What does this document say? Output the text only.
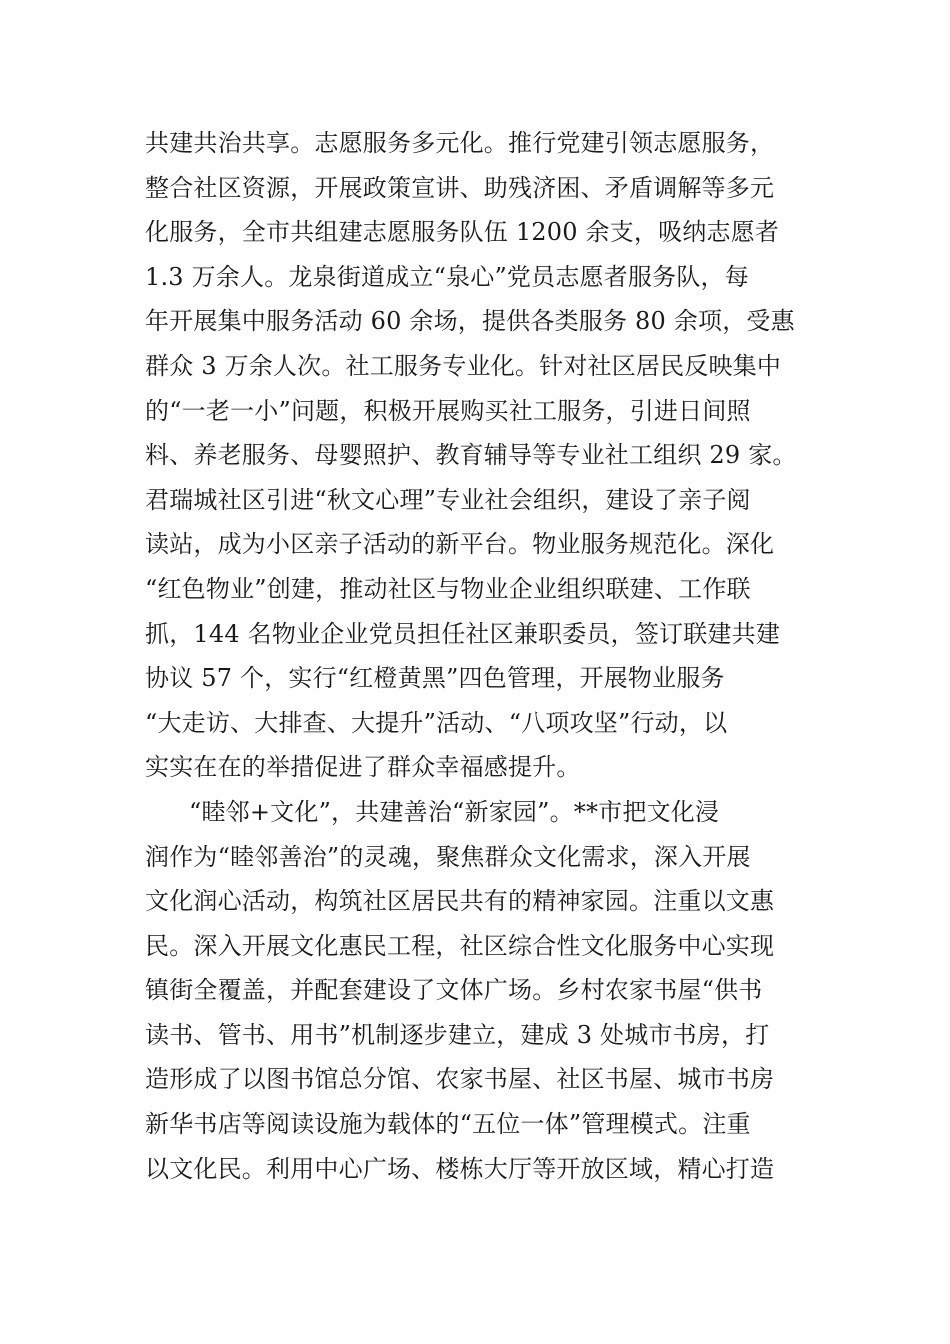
共建共治共享。志愿服务多元化。推行党建引领志愿服务，
整合社区资源，开展政策宣讲、助残济困、矛盾调解等多元
化服务，全市共组建志愿服务队伍 1200 余支，吸纳志愿者
1.3 万余人。龙泉街道成立“泉心”党员志愿者服务队，每
年开展集中服务活动 60 余场，提供各类服务 80 余项，受惠
群众 3 万余人次。社工服务专业化。针对社区居民反映集中
的“一老一小”问题，积极开展购买社工服务，引进日间照
料、养老服务、母婴照护、教育辅导等专业社工组织 29 家。
君瑞城社区引进“秋文心理”专业社会组织，建设了亲子阅
读站，成为小区亲子活动的新平台。物业服务规范化。深化
“红色物业”创建，推动社区与物业企业组织联建、工作联
抓，144 名物业企业党员担任社区兼职委员，签订联建共建
协议 57 个，实行“红橙黄黑”四色管理，开展物业服务
“大走访、大排查、大提升”活动、“八项攻坚”行动，以
实实在在的举措促进了群众幸福感提升。
“睦邻+文化”，共建善治“新家园”。**市把文化浸
润作为“睦邻善治”的灵魂，聚焦群众文化需求，深入开展
文化润心活动，构筑社区居民共有的精神家园。注重以文惠
民。深入开展文化惠民工程，社区综合性文化服务中心实现
镇街全覆盖，并配套建设了文体广场。乡村农家书屋“供书
读书、管书、用书”机制逐步建立，建成 3 处城市书房，打
造形成了以图书馆总分馆、农家书屋、社区书屋、城市书房
新华书店等阅读设施为载体的“五位一体”管理模式。注重
以文化民。利用中心广场、楼栋大厅等开放区域，精心打造
